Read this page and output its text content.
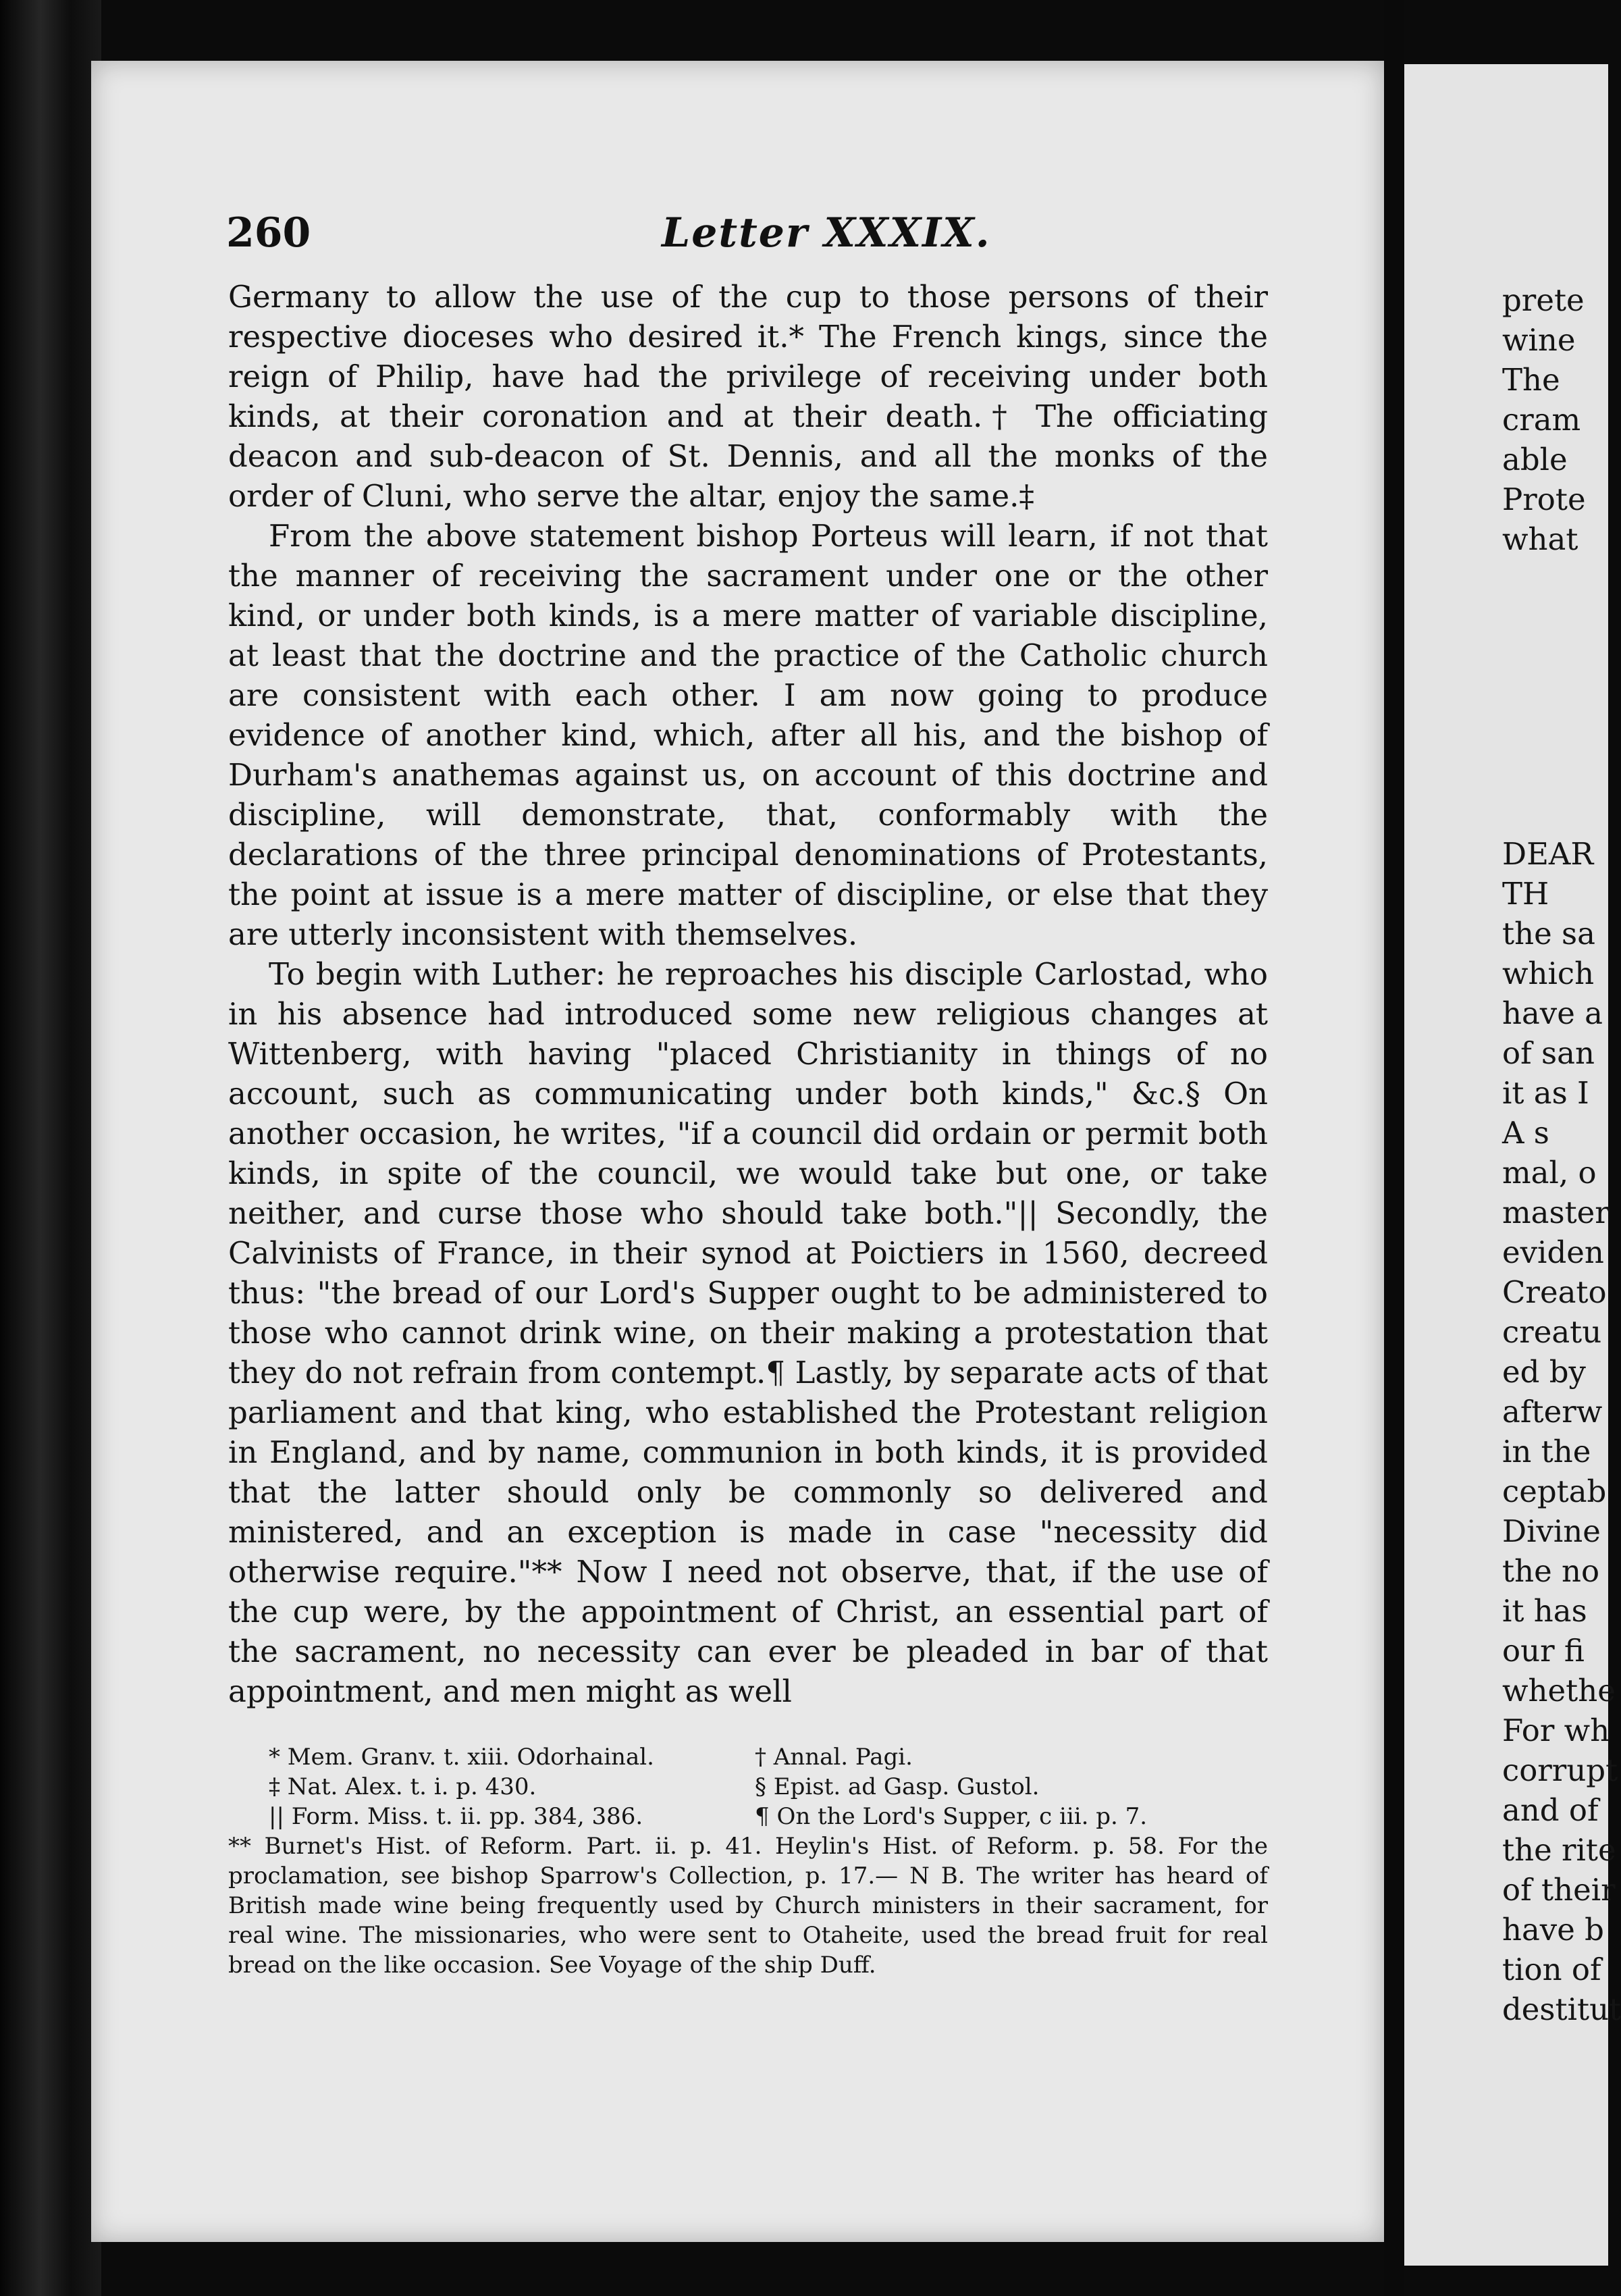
260	Letter XXXIX.

Germany to allow the use of the cup to those persons of their respective dioceses who desired it.* The French kings, since the reign of Philip, have had the privilege of receiving under both kinds, at their coronation and at their death.† The officiating deacon and sub-deacon of St. Dennis, and all the monks of the order of Cluni, who serve the altar, enjoy the same.‡

From the above statement bishop Porteus will learn, if not that the manner of receiving the sacrament under one or the other kind, or under both kinds, is a mere matter of variable discipline, at least that the doctrine and the practice of the Catholic church are consistent with each other. I am now going to produce evidence of another kind, which, after all his, and the bishop of Durham's anathemas against us, on account of this doctrine and discipline, will demonstrate, that, conformably with the declarations of the three principal denominations of Protestants, the point at issue is a mere matter of discipline, or else that they are utterly inconsistent with themselves.

To begin with Luther: he reproaches his disciple Carlostad, who in his absence had introduced some new religious changes at Wittenberg, with having "placed Christianity in things of no account, such as communicating under both kinds," &c.§ On another occasion, he writes, "if a council did ordain or permit both kinds, in spite of the council, we would take but one, or take neither, and curse those who should take both."|| Secondly, the Calvinists of France, in their synod at Poictiers in 1560, decreed thus: "the bread of our Lord's Supper ought to be administered to those who cannot drink wine, on their making a protestation that they do not refrain from contempt.¶ Lastly, by separate acts of that parliament and that king, who established the Protestant religion in England, and by name, communion in both kinds, it is provided that the latter should only be commonly so delivered and ministered, and an exception is made in case "necessity did otherwise require."** Now I need not observe, that, if the use of the cup were, by the appointment of Christ, an essential part of the sacrament, no necessity can ever be pleaded in bar of that appointment, and men might as well

* Mem. Granv. t. xiii. Odorhainal.	† Annal. Pagi.
‡ Nat. Alex. t. i. p. 430.	§ Epist. ad Gasp. Gustol.
|| Form. Miss. t. ii. pp. 384, 386.	¶ On the Lord's Supper, c iii. p. 7.
** Burnet's Hist. of Reform. Part. ii. p. 41. Heylin's Hist. of Reform. p. 58. For the proclamation, see bishop Sparrow's Collection, p. 17.— N B. The writer has heard of British made wine being frequently used by Church ministers in their sacrament, for real wine. The missionaries, who were sent to Otaheite, used the bread fruit for real bread on the like occasion. See Voyage of the ship Duff.
prete
wine
The
cram
able
Prote
what
DEAR
TH
the sa
which
have a
of san
it as I
A s
mal, o
master
eviden
Creato
creatu
ed by
afterw
in the
ceptab
Divine
the no
it has
our fi
whethe
For wh
corrupt
and of
the rite
of their
have b
tion of
destitut
